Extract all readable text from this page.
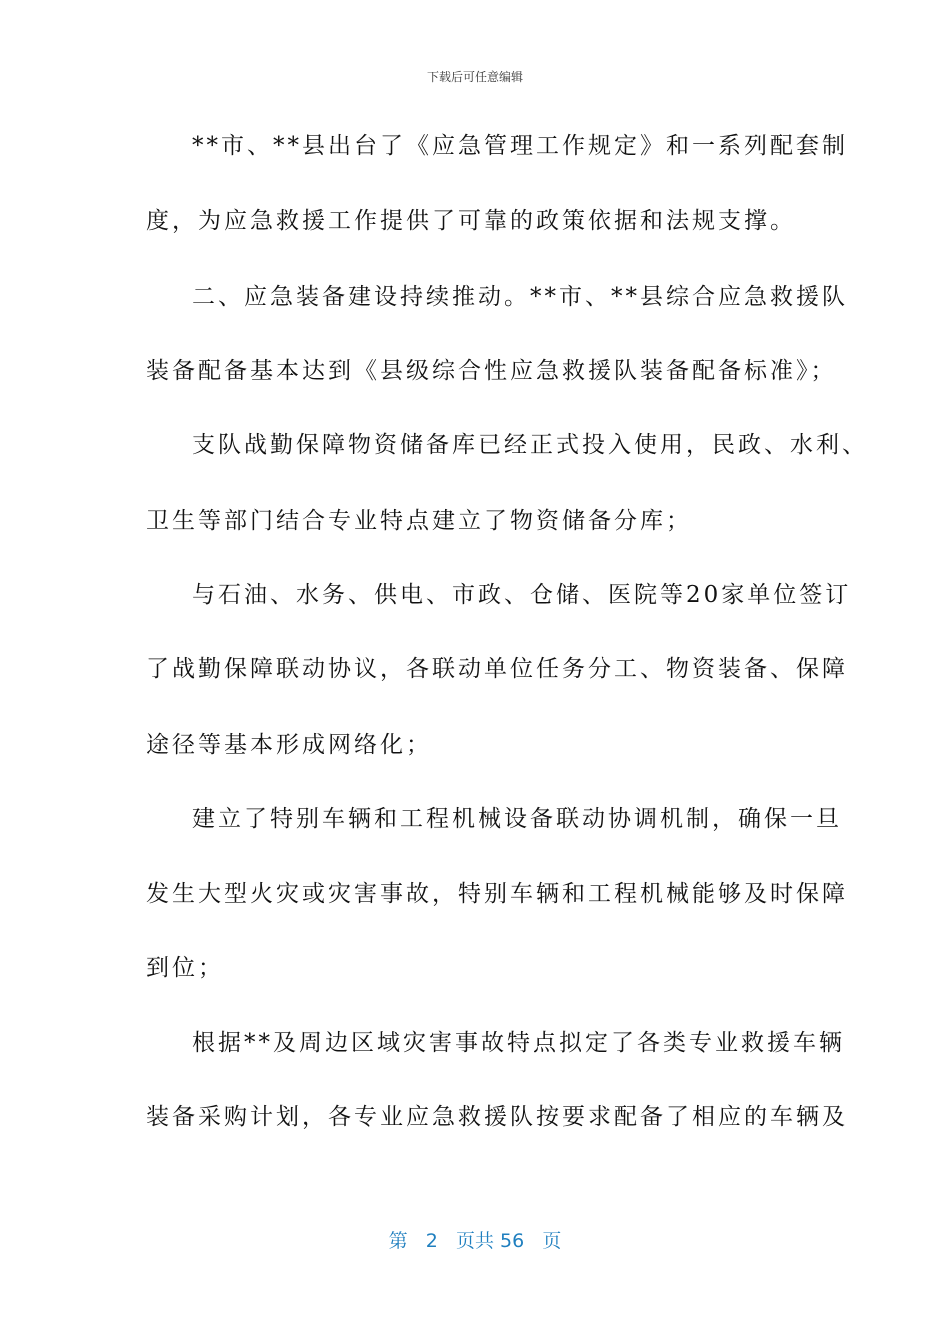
下载后可任意编辑
**市、**县出台了《应急管理工作规定》和一系列配套制
度，为应急救援工作提供了可靠的政策依据和法规支撑。
二、应急装备建设持续推动。**市、**县综合应急救援队
装备配备基本达到《县级综合性应急救援队装备配备标准》；
支队战勤保障物资储备库已经正式投入使用，民政、水利、
卫生等部门结合专业特点建立了物资储备分库；
与石油、水务、供电、市政、仓储、医院等20家单位签订
了战勤保障联动协议，各联动单位任务分工、物资装备、保障
途径等基本形成网络化；
建立了特别车辆和工程机械设备联动协调机制，确保一旦
发生大型火灾或灾害事故，特别车辆和工程机械能够及时保障
到位；
根据**及周边区域灾害事故特点拟定了各类专业救援车辆
装备采购计划，各专业应急救援队按要求配备了相应的车辆及
第 2 页共 56 页
